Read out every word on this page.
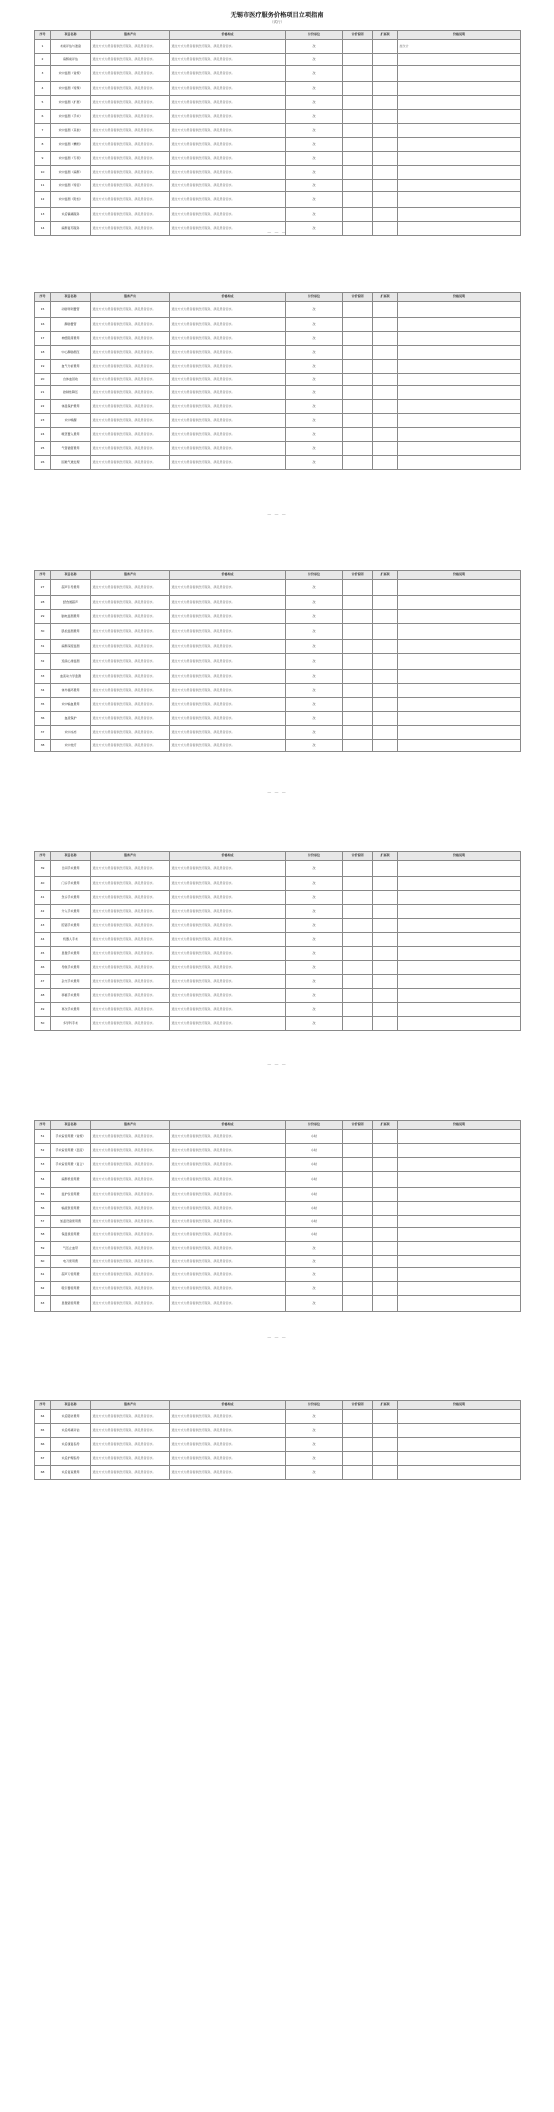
无锡市医疗服务价格项目立项指南
（试行）
序号	项目名称	服务产出	价格构成	计价单位	计价说明	扩展项	价格说明
1	术前评估与准备	通过方式为患者提供医疗服务，满足患者需求。	通过方式为患者提供医疗服务，满足患者需求。	次			按次计
2	麻醉前评估	通过方式为患者提供医疗服务，满足患者需求。	通过方式为患者提供医疗服务，满足患者需求。	次			
3	术中监测（常规）	通过方式为患者提供医疗服务，满足患者需求。	通过方式为患者提供医疗服务，满足患者需求。	次			
4	术中监测（特殊）	通过方式为患者提供医疗服务，满足患者需求。	通过方式为患者提供医疗服务，满足患者需求。	次			
5	术中监测（扩展）	通过方式为患者提供医疗服务，满足患者需求。	通过方式为患者提供医疗服务，满足患者需求。	次			
6	术中监测（手术）	通过方式为患者提供医疗服务，满足患者需求。	通过方式为患者提供医疗服务，满足患者需求。	次			
7	术中监测（其他）	通过方式为患者提供医疗服务，满足患者需求。	通过方式为患者提供医疗服务，满足患者需求。	次			
8	术中监测（精细）	通过方式为患者提供医疗服务，满足患者需求。	通过方式为患者提供医疗服务，满足患者需求。	次			
9	术中监测（专项）	通过方式为患者提供医疗服务，满足患者需求。	通过方式为患者提供医疗服务，满足患者需求。	次			
10	术中监测（麻醉）	通过方式为患者提供医疗服务，满足患者需求。	通过方式为患者提供医疗服务，满足患者需求。	次			
11	术中监测（特需）	通过方式为患者提供医疗服务，满足患者需求。	通过方式为患者提供医疗服务，满足患者需求。	次			
12	术中监测（附加）	通过方式为患者提供医疗服务，满足患者需求。	通过方式为患者提供医疗服务，满足患者需求。	次			
13	术后镇痛服务	通过方式为患者提供医疗服务，满足患者需求。	通过方式为患者提供医疗服务，满足患者需求。	次			
14	麻醉复苏服务	通过方式为患者提供医疗服务，满足患者需求。	通过方式为患者提供医疗服务，满足患者需求。	次			
序号	项目名称	服务产出	价格构成	计价单位	计价说明	扩展项	价格说明
15	动脉穿刺置管	通过方式为患者提供医疗服务，满足患者需求。	通过方式为患者提供医疗服务，满足患者需求。	次			
16	静脉置管	通过方式为患者提供医疗服务，满足患者需求。	通过方式为患者提供医疗服务，满足患者需求。	次			
17	神经阻滞费用	通过方式为患者提供医疗服务，满足患者需求。	通过方式为患者提供医疗服务，满足患者需求。	次			
18	中心静脉测压	通过方式为患者提供医疗服务，满足患者需求。	通过方式为患者提供医疗服务，满足患者需求。	次			
19	血气分析费用	通过方式为患者提供医疗服务，满足患者需求。	通过方式为患者提供医疗服务，满足患者需求。	次			
20	自体血回收	通过方式为患者提供医疗服务，满足患者需求。	通过方式为患者提供医疗服务，满足患者需求。	次			
21	控制性降压	通过方式为患者提供医疗服务，满足患者需求。	通过方式为患者提供医疗服务，满足患者需求。	次			
22	体温保护费用	通过方式为患者提供医疗服务，满足患者需求。	通过方式为患者提供医疗服务，满足患者需求。	次			
23	术中唤醒	通过方式为患者提供医疗服务，满足患者需求。	通过方式为患者提供医疗服务，满足患者需求。	次			
24	喉罩置入费用	通过方式为患者提供医疗服务，满足患者需求。	通过方式为患者提供医疗服务，满足患者需求。	次			
25	气管插管费用	通过方式为患者提供医疗服务，满足患者需求。	通过方式为患者提供医疗服务，满足患者需求。	次			
26	困难气道处理	通过方式为患者提供医疗服务，满足患者需求。	通过方式为患者提供医疗服务，满足患者需求。	次			
序号	项目名称	服务产出	价格构成	计价单位	计价说明	扩展项	价格说明
27	超声引导费用	通过方式为患者提供医疗服务，满足患者需求。	通过方式为患者提供医疗服务，满足患者需求。	次			
28	经食道超声	通过方式为患者提供医疗服务，满足患者需求。	通过方式为患者提供医疗服务，满足患者需求。	次			
29	脑电监测费用	通过方式为患者提供医疗服务，满足患者需求。	通过方式为患者提供医疗服务，满足患者需求。	次			
30	肌松监测费用	通过方式为患者提供医疗服务，满足患者需求。	通过方式为患者提供医疗服务，满足患者需求。	次			
31	麻醉深度监测	通过方式为患者提供医疗服务，满足患者需求。	通过方式为患者提供医疗服务，满足患者需求。	次			
32	连续心排监测	通过方式为患者提供医疗服务，满足患者需求。	通过方式为患者提供医疗服务，满足患者需求。	次			
33	血流动力学监测	通过方式为患者提供医疗服务，满足患者需求。	通过方式为患者提供医疗服务，满足患者需求。	次			
34	体外循环费用	通过方式为患者提供医疗服务，满足患者需求。	通过方式为患者提供医疗服务，满足患者需求。	次			
35	术中输血费用	通过方式为患者提供医疗服务，满足患者需求。	通过方式为患者提供医疗服务，满足患者需求。	次			
36	血液保护	通过方式为患者提供医疗服务，满足患者需求。	通过方式为患者提供医疗服务，满足患者需求。	次			
37	术中冰冻	通过方式为患者提供医疗服务，满足患者需求。	通过方式为患者提供医疗服务，满足患者需求。	次			
38	术中放疗	通过方式为患者提供医疗服务，满足患者需求。	通过方式为患者提供医疗服务，满足患者需求。	次			
序号	项目名称	服务产出	价格构成	计价单位	计价说明	扩展项	价格说明
39	日间手术费用	通过方式为患者提供医疗服务，满足患者需求。	通过方式为患者提供医疗服务，满足患者需求。	次			
40	门诊手术费用	通过方式为患者提供医疗服务，满足患者需求。	通过方式为患者提供医疗服务，满足患者需求。	次			
41	急诊手术费用	通过方式为患者提供医疗服务，满足患者需求。	通过方式为患者提供医疗服务，满足患者需求。	次			
42	介入手术费用	通过方式为患者提供医疗服务，满足患者需求。	通过方式为患者提供医疗服务，满足患者需求。	次			
43	腔镜手术费用	通过方式为患者提供医疗服务，满足患者需求。	通过方式为患者提供医疗服务，满足患者需求。	次			
44	机器人手术	通过方式为患者提供医疗服务，满足患者需求。	通过方式为患者提供医疗服务，满足患者需求。	次			
45	显微手术费用	通过方式为患者提供医疗服务，满足患者需求。	通过方式为患者提供医疗服务，满足患者需求。	次			
46	导航手术费用	通过方式为患者提供医疗服务，满足患者需求。	通过方式为患者提供医疗服务，满足患者需求。	次			
47	杂交手术费用	通过方式为患者提供医疗服务，满足患者需求。	通过方式为患者提供医疗服务，满足患者需求。	次			
48	移植手术费用	通过方式为患者提供医疗服务，满足患者需求。	通过方式为患者提供医疗服务，满足患者需求。	次			
49	再次手术费用	通过方式为患者提供医疗服务，满足患者需求。	通过方式为患者提供医疗服务，满足患者需求。	次			
50	多学科手术	通过方式为患者提供医疗服务，满足患者需求。	通过方式为患者提供医疗服务，满足患者需求。	次			
序号	项目名称	服务产出	价格构成	计价单位	计价说明	扩展项	价格说明
51	手术室使用费（常规）	通过方式为患者提供医疗服务，满足患者需求。	通过方式为患者提供医疗服务，满足患者需求。	小时			
52	手术室使用费（层流）	通过方式为患者提供医疗服务，满足患者需求。	通过方式为患者提供医疗服务，满足患者需求。	小时			
53	手术室使用费（复合）	通过方式为患者提供医疗服务，满足患者需求。	通过方式为患者提供医疗服务，满足患者需求。	小时			
54	麻醉机使用费	通过方式为患者提供医疗服务，满足患者需求。	通过方式为患者提供医疗服务，满足患者需求。	小时			
55	监护仪使用费	通过方式为患者提供医疗服务，满足患者需求。	通过方式为患者提供医疗服务，满足患者需求。	小时			
56	输液泵使用费	通过方式为患者提供医疗服务，满足患者需求。	通过方式为患者提供医疗服务，满足患者需求。	小时			
57	加温设备使用费	通过方式为患者提供医疗服务，满足患者需求。	通过方式为患者提供医疗服务，满足患者需求。	小时			
58	保温毯使用费	通过方式为患者提供医疗服务，满足患者需求。	通过方式为患者提供医疗服务，满足患者需求。	小时			
59	气压止血带	通过方式为患者提供医疗服务，满足患者需求。	通过方式为患者提供医疗服务，满足患者需求。	次			
60	电刀使用费	通过方式为患者提供医疗服务，满足患者需求。	通过方式为患者提供医疗服务，满足患者需求。	次			
61	超声刀使用费	通过方式为患者提供医疗服务，满足患者需求。	通过方式为患者提供医疗服务，满足患者需求。	次			
62	吸引器使用费	通过方式为患者提供医疗服务，满足患者需求。	通过方式为患者提供医疗服务，满足患者需求。	次			
63	显微镜使用费	通过方式为患者提供医疗服务，满足患者需求。	通过方式为患者提供医疗服务，满足患者需求。	次			
序号	项目名称	服务产出	价格构成	计价单位	计价说明	扩展项	价格说明
64	术后随访费用	通过方式为患者提供医疗服务，满足患者需求。	通过方式为患者提供医疗服务，满足患者需求。	次			
65	术后疼痛评估	通过方式为患者提供医疗服务，满足患者需求。	通过方式为患者提供医疗服务，满足患者需求。	次			
66	术后康复指导	通过方式为患者提供医疗服务，满足患者需求。	通过方式为患者提供医疗服务，满足患者需求。	次			
67	术后护理指导	通过方式为患者提供医疗服务，满足患者需求。	通过方式为患者提供医疗服务，满足患者需求。	次			
68	术后复查费用	通过方式为患者提供医疗服务，满足患者需求。	通过方式为患者提供医疗服务，满足患者需求。	次			
— — —
— — —
— — —
— — —
— — —
